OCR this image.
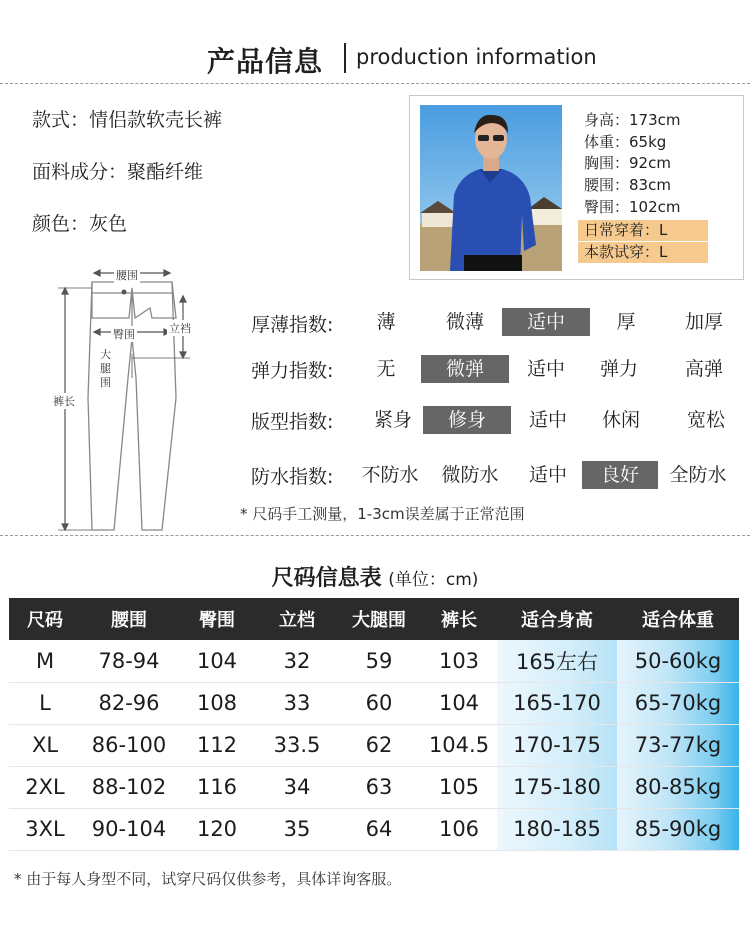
产品信息 production information
款式：情侣款软壳长裤
面料成分：聚酯纤维
颜色：灰色
身高：173cm
体重：65kg
胸围：92cm
腰围：83cm
臀围：102cm
日常穿着：L
本款试穿：L
腰围
臀围	立裆
大腿围
裤长
厚薄指数:	薄	微薄	适中	厚	加厚
弹力指数:	无	微弹	适中	弹力	高弹
版型指数:	紧身	修身	适中	休闲	宽松
防水指数:	不防水	微防水	适中	良好	全防水
* 尺码手工测量，1-3cm误差属于正常范围
尺码信息表 (单位：cm)
尺码	腰围	臀围	立档	大腿围	裤长	适合身高	适合体重
M	78-94	104	32	59	103	165左右	50-60kg
L	82-96	108	33	60	104	165-170	65-70kg
XL	86-100	112	33.5	62	104.5	170-175	73-77kg
2XL	88-102	116	34	63	105	175-180	80-85kg
3XL	90-104	120	35	64	106	180-185	85-90kg
* 由于每人身型不同，试穿尺码仅供参考，具体详询客服。
